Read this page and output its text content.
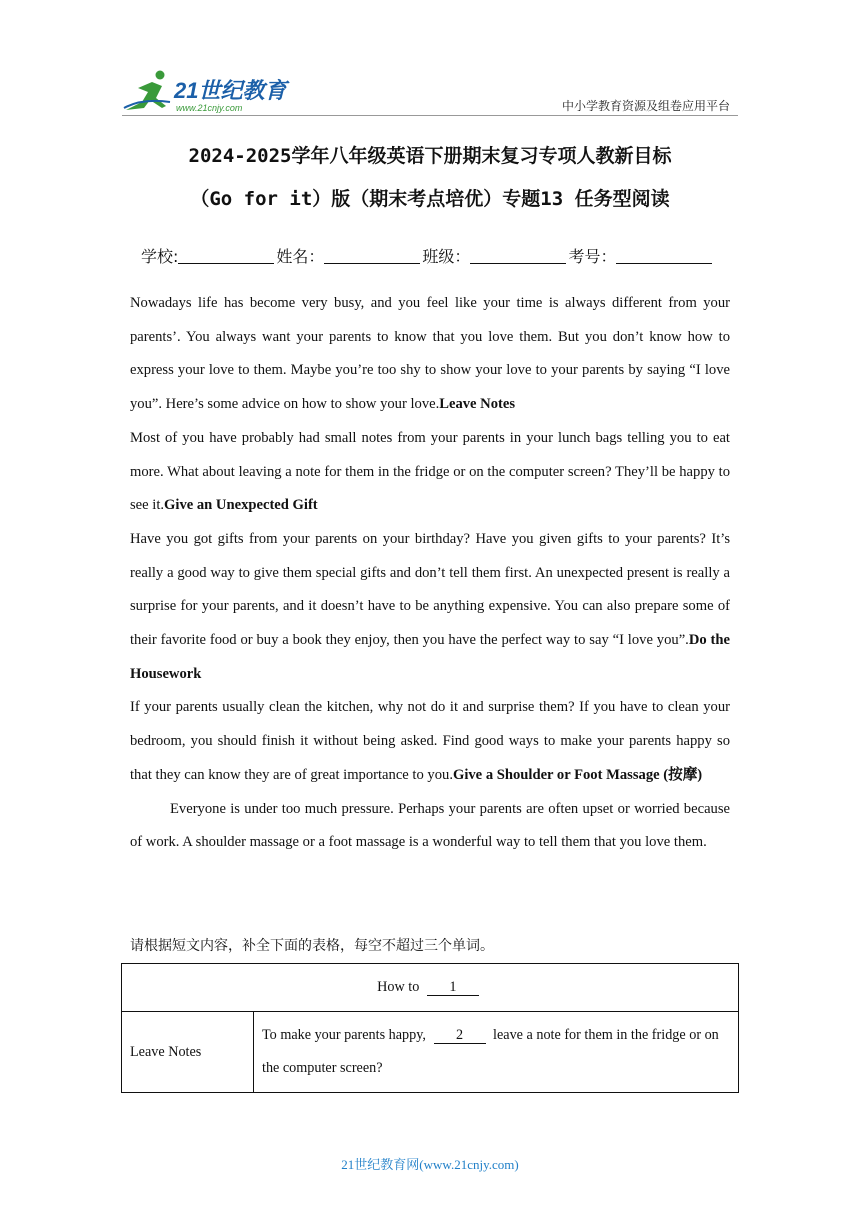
21世纪教育
www.21cnjy.com	中小学教育资源及组卷应用平台
2024-2025学年八年级英语下册期末复习专项人教新目标
（Go for it）版（期末考点培优）专题13 任务型阅读
学校:	姓名：	班级：	考号：

Nowadays life has become very busy, and you feel like your time is always different from your parents’. You always want your parents to know that you love them. But you don’t know how to express your love to them. Maybe you’re too shy to show your love to your parents by saying “I love you”. Here’s some advice on how to show your love.Leave Notes

Most of you have probably had small notes from your parents in your lunch bags telling you to eat more. What about leaving a note for them in the fridge or on the computer screen? They’ll be happy to see it.Give an Unexpected Gift

Have you got gifts from your parents on your birthday? Have you given gifts to your parents? It’s really a good way to give them special gifts and don’t tell them first. An unexpected present is really a surprise for your parents, and it doesn’t have to be anything expensive. You can also prepare some of their favorite food or buy a book they enjoy, then you have the perfect way to say “I love you”.Do the Housework

If your parents usually clean the kitchen, why not do it and surprise them? If you have to clean your bedroom, you should finish it without being asked. Find good ways to make your parents happy so that they can know they are of great importance to you.Give a Shoulder or Foot Massage (按摩)

Everyone is under too much pressure. Perhaps your parents are often upset or worried because of work. A shoulder massage or a foot massage is a wonderful way to tell them that you love them.

请根据短文内容，补全下面的表格，每空不超过三个单词。
How to 1
Leave Notes	To make your parents happy, 2 leave a note for them in the fridge or on the computer screen?
21世纪教育网(www.21cnjy.com)
